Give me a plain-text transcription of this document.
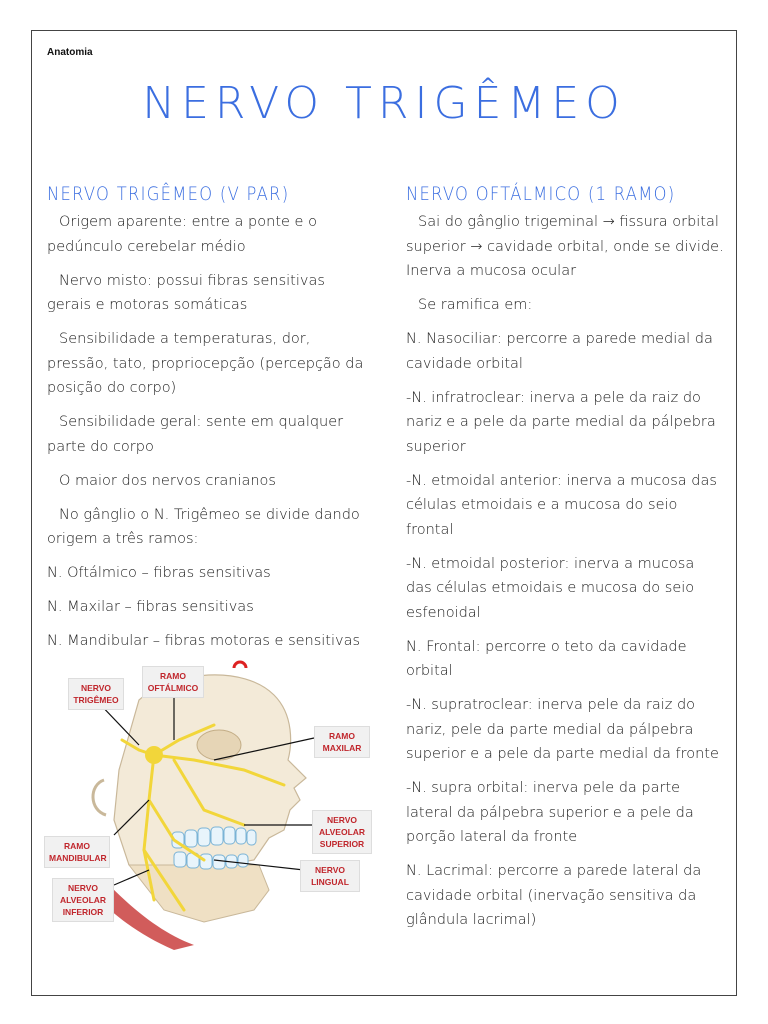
Anatomia
NERVO TRIGÊMEO
NERVO TRIGÊMEO (V PAR)

Origem aparente: entre a ponte e o pedúnculo cerebelar médio

Nervo misto: possui fibras sensitivas gerais e motoras somáticas

Sensibilidade a temperaturas, dor, pressão, tato, propriocepção (percepção da posição do corpo)

Sensibilidade geral: sente em qualquer parte do corpo

O maior dos nervos cranianos

No gânglio o N. Trigêmeo se divide dando origem a três ramos:

N. Oftálmico – fibras sensitivas

N. Maxilar – fibras sensitivas

N. Mandibular – fibras motoras e sensitivas

NERVO TRIGÊMEO
RAMO OFTÁLMICO
RAMO MAXILAR
RAMO MANDIBULAR
NERVO ALVEOLAR SUPERIOR
NERVO LINGUAL
NERVO ALVEOLAR INFERIOR
NERVO OFTÁLMICO (1 RAMO)

Sai do gânglio trigeminal → fissura orbital superior → cavidade orbital, onde se divide. Inerva a mucosa ocular

Se ramifica em:

N. Nasociliar: percorre a parede medial da cavidade orbital

-N. infratroclear: inerva a pele da raiz do nariz e a pele da parte medial da pálpebra superior

-N. etmoidal anterior: inerva a mucosa das células etmoidais e a mucosa do seio frontal

-N. etmoidal posterior: inerva a mucosa das células etmoidais e mucosa do seio esfenoidal

N. Frontal: percorre o teto da cavidade orbital

-N. supratroclear: inerva pele da raiz do nariz, pele da parte medial da pálpebra superior e a pele da parte medial da fronte

-N. supra orbital: inerva pele da parte lateral da pálpebra superior e a pele da porção lateral da fronte

N. Lacrimal: percorre a parede lateral da cavidade orbital (inervação sensitiva da glândula lacrimal)
